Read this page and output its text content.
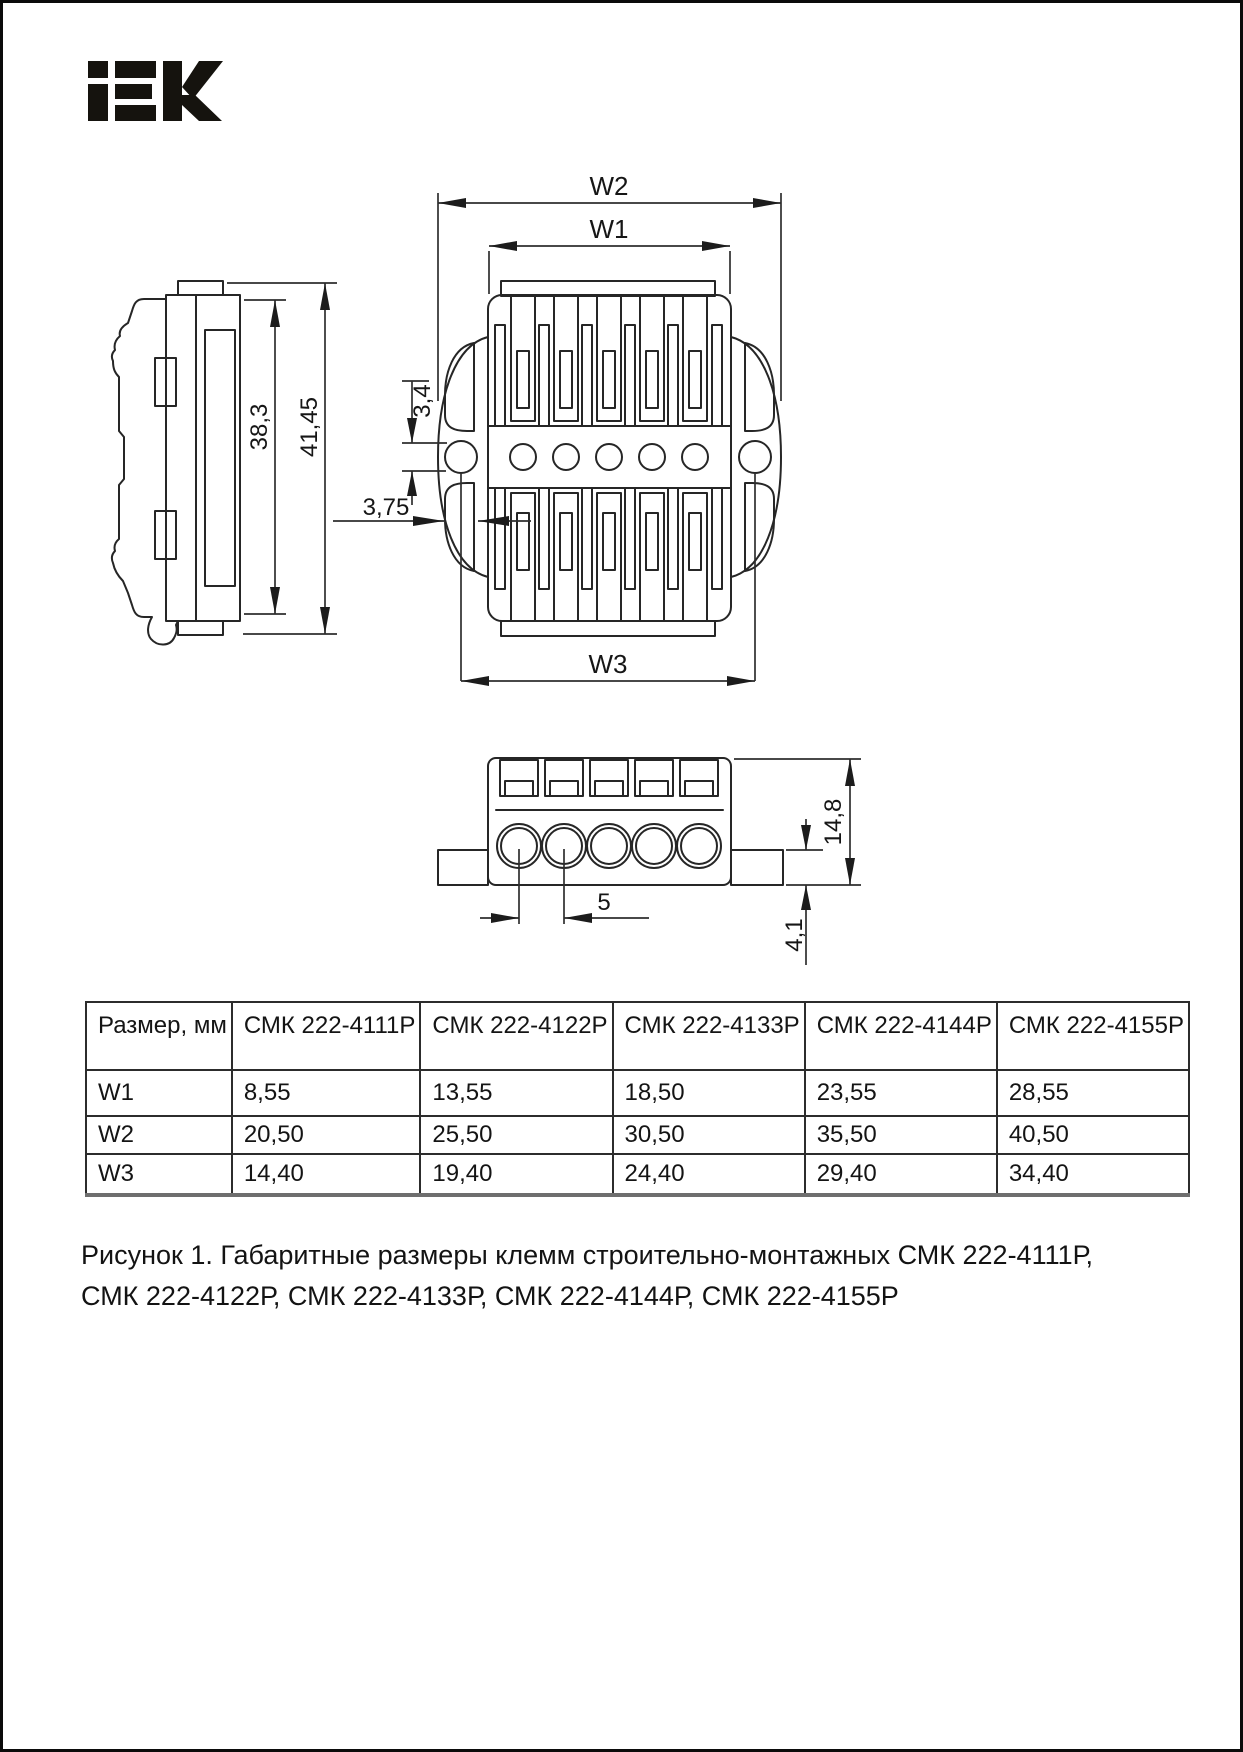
38,3 41,45
W2
W1
3,4
3,75
W3
14,8
4,1
5
Размер, мм	СМК 222-4111Р	СМК 222-4122Р	СМК 222-4133Р	СМК 222-4144Р	СМК 222-4155Р
W1	8,55	13,55	18,50	23,55	28,55
W2	20,50	25,50	30,50	35,50	40,50
W3	14,40	19,40	24,40	29,40	34,40
Рисунок 1. Габаритные размеры клемм строительно-монтажных СМК 222-4111Р, СМК 222-4122Р, СМК 222-4133Р, СМК 222-4144Р, СМК 222-4155Р
